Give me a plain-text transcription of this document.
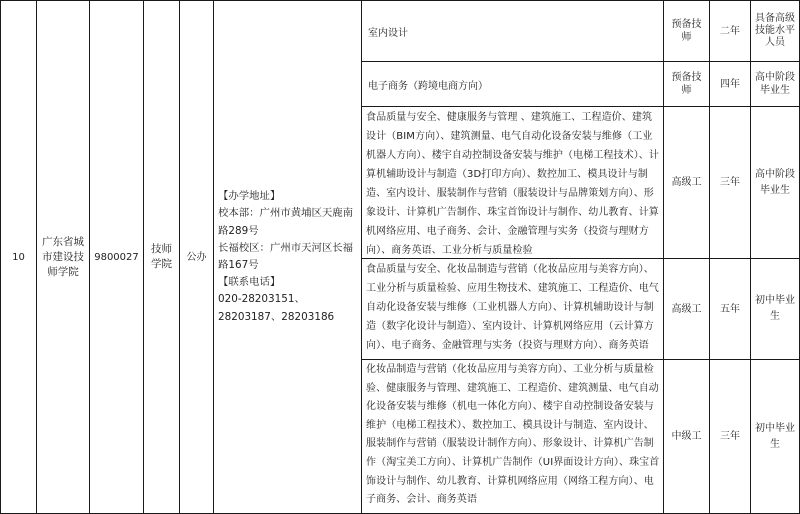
10
广东省城市建设技师学院
9800027
技师学院
公办
【办学地址】
校本部：广州市黄埔区天鹿南路289号
长福校区：广州市天河区长福路167号
【联系电话】
020-28203151、28203187、28203186
室内设计
预备技师
二年
具备高级技能水平人员
电子商务（跨境电商方向）
预备技师
四年
高中阶段毕业生
食品质量与安全、健康服务与管理 、建筑施工、工程造价、建筑设计（BIM方向）、建筑测量、电气自动化设备安装与维修（工业机器人方向）、楼宇自动控制设备安装与维护（电梯工程技术）、计算机辅助设计与制造（3D打印方向）、数控加工、模具设计与制造、室内设计、服装制作与营销（服装设计与品牌策划方向）、形象设计、计算机广告制作、珠宝首饰设计与制作、幼儿教育、计算机网络应用、电子商务、会计、金融管理与实务（投资与理财方向）、商务英语、工业分析与质量检验
高级工 三年
高中阶段毕业生
食品质量与安全、化妆品制造与营销（化妆品应用与美容方向）、工业分析与质量检验、应用生物技术、建筑施工、工程造价、电气自动化设备安装与维修（工业机器人方向）、计算机辅助设计与制造（数字化设计与制造）、室内设计、计算机网络应用（云计算方向）、电子商务、金融管理与实务（投资与理财方向）、商务英语
高级工 五年
初中毕业生
化妆品制造与营销（化妆品应用与美容方向）、工业分析与质量检验、健康服务与管理、建筑施工、工程造价、建筑测量、电气自动化设备安装与维修（机电一体化方向）、楼宇自动控制设备安装与维护（电梯工程技术）、数控加工、模具设计与制造、室内设计、服装制作与营销（服装设计制作方向）、形象设计、计算机广告制作（淘宝美工方向）、计算机广告制作（UI界面设计方向）、珠宝首饰设计与制作、幼儿教育、计算机网络应用（网络工程方向）、电子商务、会计、商务英语
中级工 三年
初中毕业生
